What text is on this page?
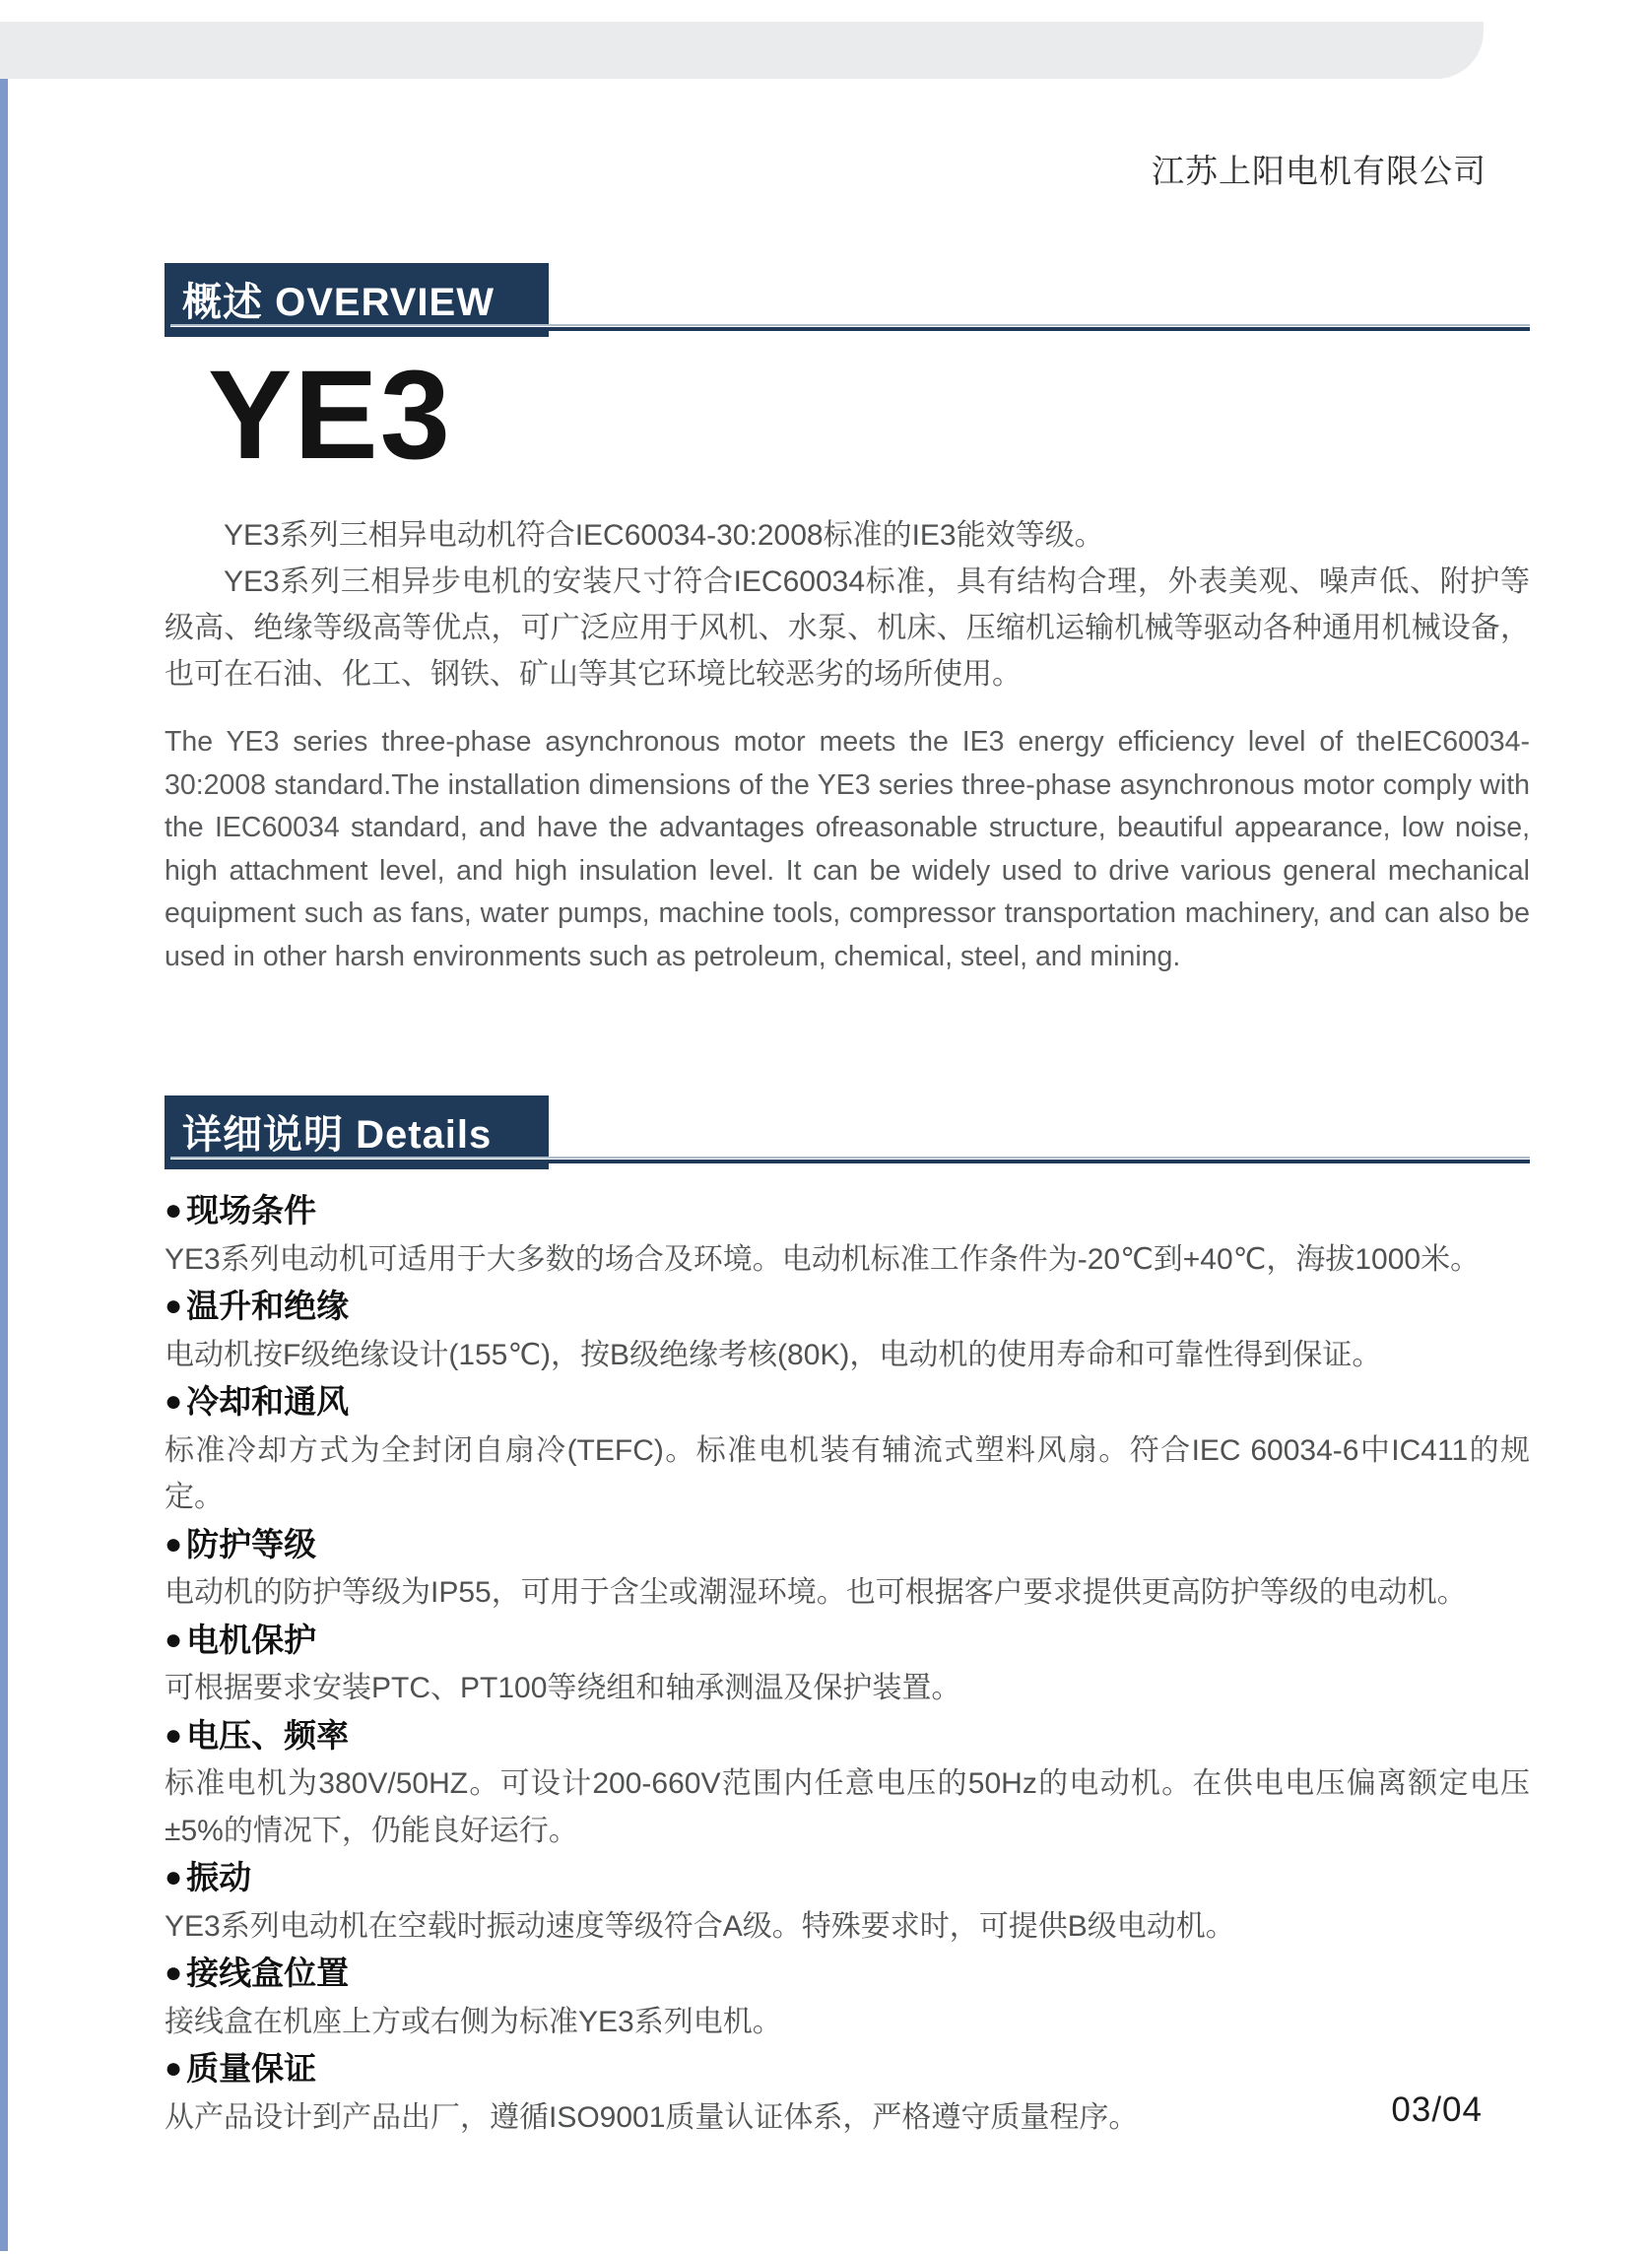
江苏上阳电机有限公司
概述 OVERVIEW
YE3

YE3系列三相异电动机符合IEC60034-30:2008标准的IE3能效等级。

YE3系列三相异步电机的安装尺寸符合IEC60034标准，具有结构合理，外表美观、噪声低、附护等级高、绝缘等级高等优点，可广泛应用于风机、水泵、机床、压缩机运输机械等驱动各种通用机械设备，也可在石油、化工、钢铁、矿山等其它环境比较恶劣的场所使用。

The YE3 series three-phase asynchronous motor meets the IE3 energy efficiency level of theIEC60034-30:2008 standard.The installation dimensions of the YE3 series three-phase asynchronous motor comply with the IEC60034 standard, and have the advantages ofreasonable structure, beautiful appearance, low noise, high attachment level, and high insulation level. It can be widely used to drive various general mechanical equipment such as fans, water pumps, machine tools, compressor transportation machinery, and can also be used in other harsh environments such as petroleum, chemical, steel, and mining.

详细说明 Details
● 现场条件
YE3系列电动机可适用于大多数的场合及环境。电动机标准工作条件为-20℃到+40℃，海拔1000米。
● 温升和绝缘
电动机按F级绝缘设计(155℃)，按B级绝缘考核(80K)，电动机的使用寿命和可靠性得到保证。
● 冷却和通风
标准冷却方式为全封闭自扇冷(TEFC)。标准电机装有辅流式塑料风扇。符合IEC 60034-6中IC411的规定。
● 防护等级
电动机的防护等级为IP55，可用于含尘或潮湿环境。也可根据客户要求提供更高防护等级的电动机。
● 电机保护
可根据要求安装PTC、PT100等绕组和轴承测温及保护装置。
● 电压、频率
标准电机为380V/50HZ。可设计200-660V范围内任意电压的50Hz的电动机。在供电电压偏离额定电压±5%的情况下，仍能良好运行。
● 振动
YE3系列电动机在空载时振动速度等级符合A级。特殊要求时，可提供B级电动机。
● 接线盒位置
接线盒在机座上方或右侧为标准YE3系列电机。
● 质量保证
从产品设计到产品出厂，遵循ISO9001质量认证体系，严格遵守质量程序。	03/04
